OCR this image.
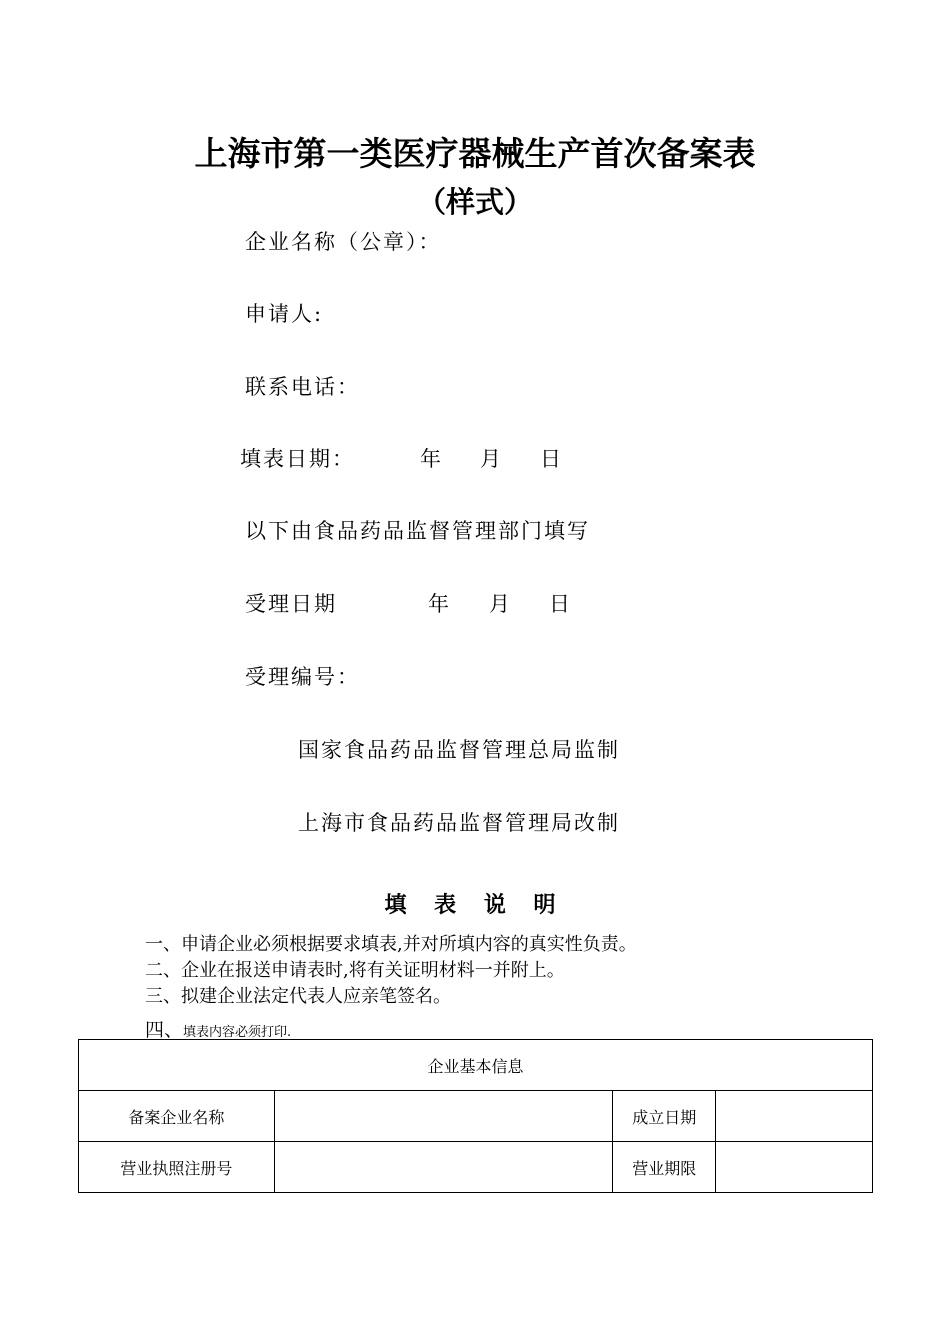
上海市第一类医疗器械生产首次备案表
（样式）
企业名称（公章）：
申请人:
联系电话：
填表日期：	年 月 日
以下由食品药品监督管理部门填写
受理日期	年 月 日
受理编号：
国家食品药品监督管理总局监制
上海市食品药品监督管理局改制
填 表 说 明
一、申请企业必须根据要求填表,并对所填内容的真实性负责。
二、企业在报送申请表时,将有关证明材料一并附上。
三、拟建企业法定代表人应亲笔签名。
四、填表内容必须打印.
企业基本信息			
备案企业名称		成立日期	
营业执照注册号		营业期限	
